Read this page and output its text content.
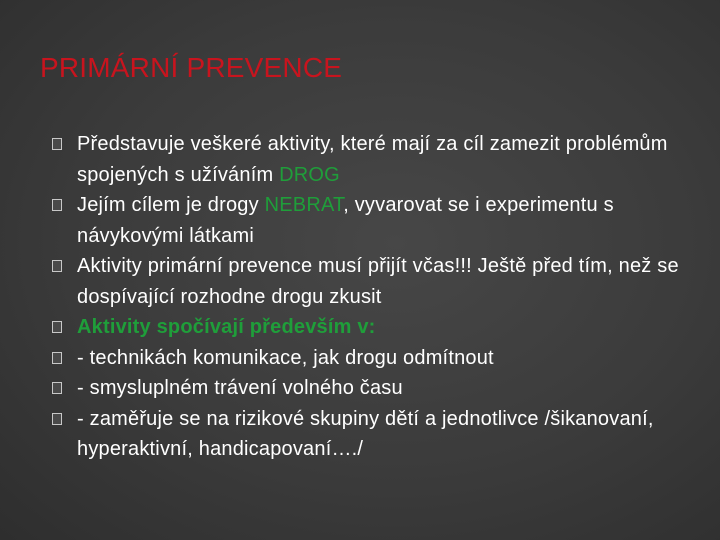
PRIMÁRNÍ PREVENCE
Představuje veškeré aktivity, které mají za cíl zamezit problémům spojených s užíváním DROG
Jejím cílem je drogy NEBRAT, vyvarovat se i experimentu s návykovými látkami
Aktivity primární prevence musí přijít včas!!! Ještě před tím, než se dospívající rozhodne drogu zkusit
Aktivity spočívají především v:
- technikách komunikace, jak drogu odmítnout
- smysluplném trávení volného času
- zaměřuje se na rizikové skupiny dětí a jednotlivce /šikanovaní, hyperaktivní, handicapovaní…./
